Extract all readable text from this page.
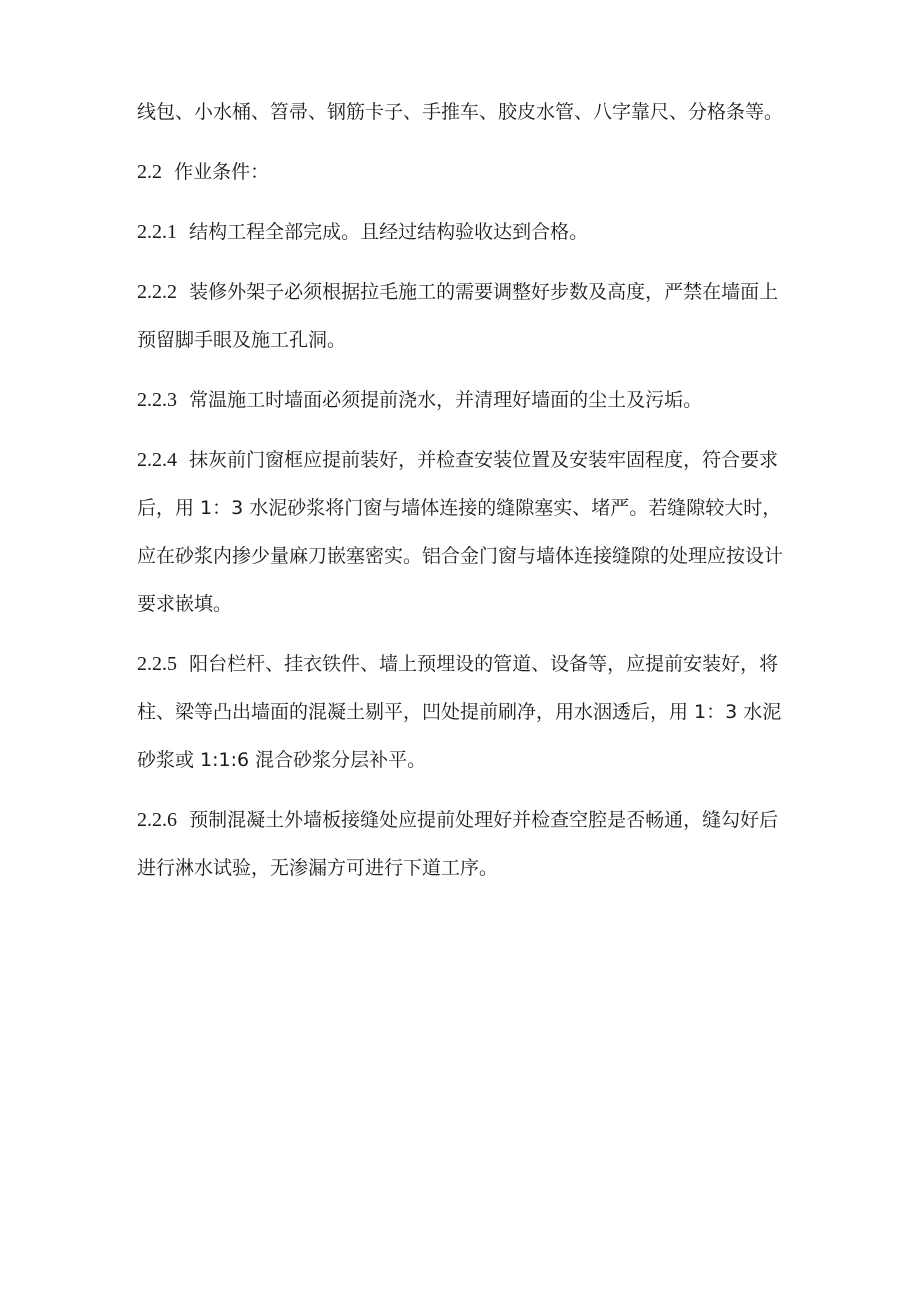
线包、小水桶、笤帚、钢筋卡子、手推车、胶皮水管、八字靠尺、分格条等。

2.2 作业条件：

2.2.1 结构工程全部完成。且经过结构验收达到合格。

2.2.2 装修外架子必须根据拉毛施工的需要调整好步数及高度，严禁在墙面上预留脚手眼及施工孔洞。

2.2.3 常温施工时墙面必须提前浇水，并清理好墙面的尘土及污垢。

2.2.4 抹灰前门窗框应提前装好，并检查安装位置及安装牢固程度，符合要求后，用 1：3 水泥砂浆将门窗与墙体连接的缝隙塞实、堵严。若缝隙较大时，应在砂浆内掺少量麻刀嵌塞密实。铝合金门窗与墙体连接缝隙的处理应按设计要求嵌填。

2.2.5 阳台栏杆、挂衣铁件、墙上预埋设的管道、设备等，应提前安装好，将柱、梁等凸出墙面的混凝土剔平，凹处提前刷净，用水洇透后，用 1：3 水泥砂浆或 1:1:6 混合砂浆分层补平。

2.2.6 预制混凝土外墙板接缝处应提前处理好并检查空腔是否畅通，缝勾好后进行淋水试验，无渗漏方可进行下道工序。
